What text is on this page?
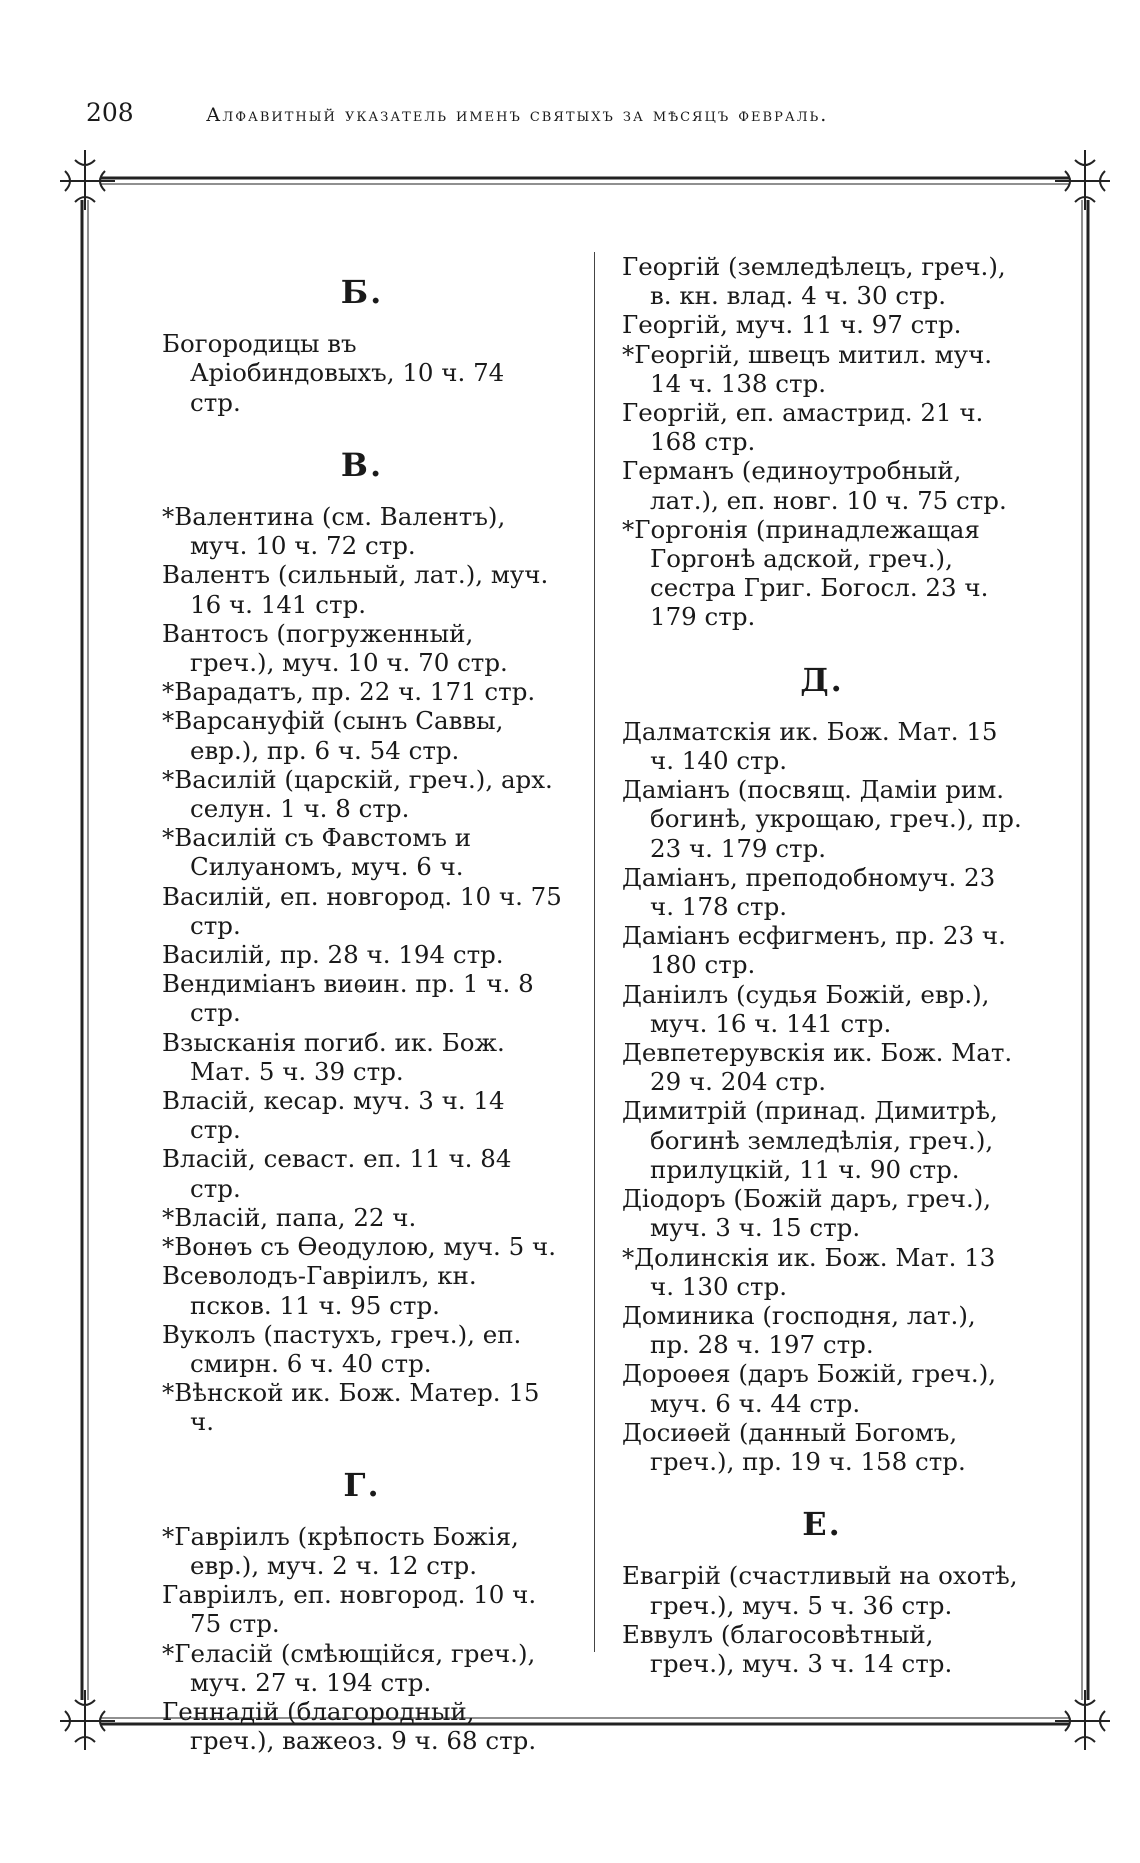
208	Алфавитный указатель именъ святыхъ за мѣсяцъ февраль.
Б.

Богородицы въ Аріобиндовыхъ, 10 ч. 74 стр.

В.

*Валентина (см. Валентъ), муч. 10 ч. 72 стр.

Валентъ (сильный, лат.), муч. 16 ч. 141 стр.

Вантосъ (погруженный, греч.), муч. 10 ч. 70 стр.

*Варадатъ, пр. 22 ч. 171 стр.

*Варсануфій (сынъ Саввы, евр.), пр. 6 ч. 54 стр.

*Василій (царскій, греч.), арх. селун. 1 ч. 8 стр.

*Василій съ Фавстомъ и Силуаномъ, муч. 6 ч.

Василій, еп. новгород. 10 ч. 75 стр.

Василій, пр. 28 ч. 194 стр.

Вендиміанъ виѳин. пр. 1 ч. 8 стр.

Взысканія погиб. ик. Бож. Мат. 5 ч. 39 стр.

Власій, кесар. муч. 3 ч. 14 стр.

Власій, севаст. еп. 11 ч. 84 стр.

*Власій, папа, 22 ч.

*Вонѳъ съ Ѳеодулою, муч. 5 ч.

Всеволодъ-Гавріилъ, кн. псков. 11 ч. 95 стр.

Вуколъ (пастухъ, греч.), еп. смирн. 6 ч. 40 стр.

*Вѣнской ик. Бож. Матер. 15 ч.

Г.

*Гавріилъ (крѣпость Божія, евр.), муч. 2 ч. 12 стр.

Гавріилъ, еп. новгород. 10 ч. 75 стр.

*Геласій (смѣющійся, греч.), муч. 27 ч. 194 стр.

Геннадій (благородный, греч.), важеоз. 9 ч. 68 стр.

Георгій (земледѣлецъ, греч.), в. кн. влад. 4 ч. 30 стр.

Георгій, муч. 11 ч. 97 стр.

*Георгій, швецъ митил. муч. 14 ч. 138 стр.

Георгій, еп. амастрид. 21 ч. 168 стр.

Германъ (единоутробный, лат.), еп. новг. 10 ч. 75 стр.

*Горгонія (принадлежащая Горгонѣ адской, греч.), сестра Григ. Богосл. 23 ч. 179 стр.

Д.

Далматскія ик. Бож. Мат. 15 ч. 140 стр.

Даміанъ (посвящ. Даміи рим. богинѣ, укрощаю, греч.), пр. 23 ч. 179 стр.

Даміанъ, преподобномуч. 23 ч. 178 стр.

Даміанъ есфигменъ, пр. 23 ч. 180 стр.

Даніилъ (судья Божій, евр.), муч. 16 ч. 141 стр.

Девпетерувскія ик. Бож. Мат. 29 ч. 204 стр.

Димитрій (принад. Димитрѣ, богинѣ земледѣлія, греч.), прилуцкій, 11 ч. 90 стр.

Діодоръ (Божій даръ, греч.), муч. 3 ч. 15 стр.

*Долинскія ик. Бож. Мат. 13 ч. 130 стр.

Доминика (господня, лат.), пр. 28 ч. 197 стр.

Дороѳея (даръ Божій, греч.), муч. 6 ч. 44 стр.

Досиѳей (данный Богомъ, греч.), пр. 19 ч. 158 стр.

Е.

Евагрій (счастливый на охотѣ, греч.), муч. 5 ч. 36 стр.

Еввулъ (благосовѣтный, греч.), муч. 3 ч. 14 стр.
